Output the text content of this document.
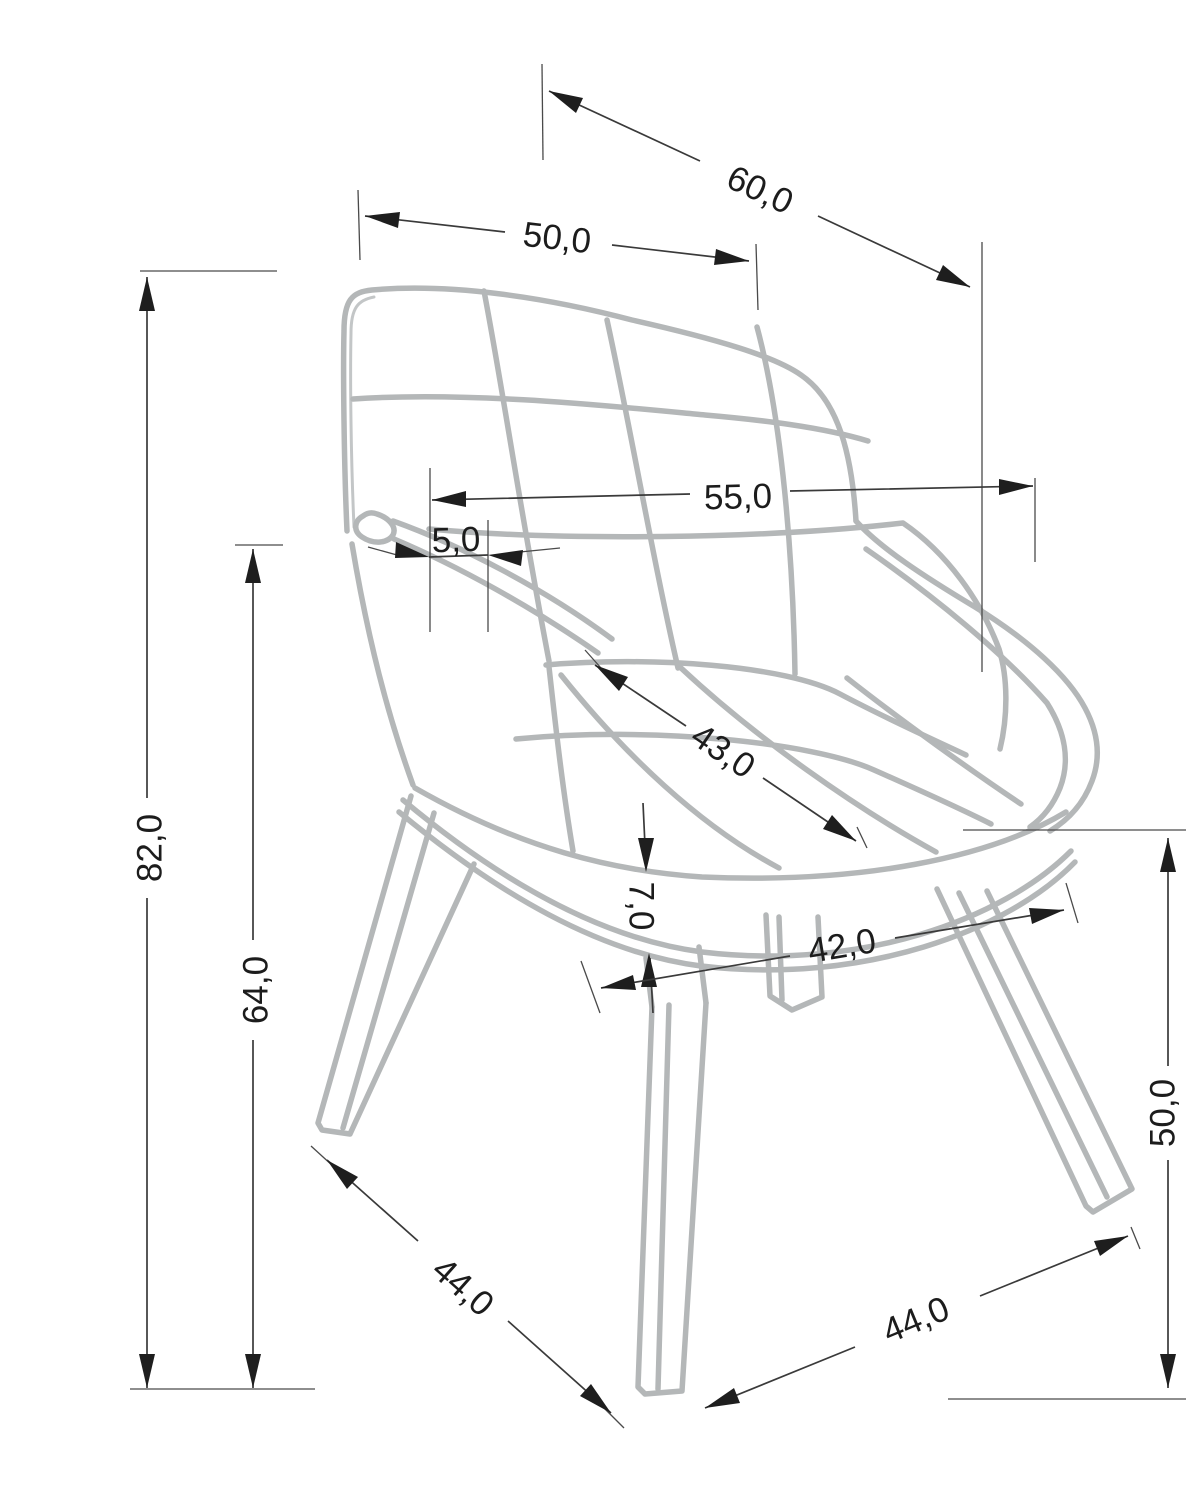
60,0
50,0
55,0
5,0
82,0
64,0
43,0
7,0
42,0
50,0
44,0	44,0
